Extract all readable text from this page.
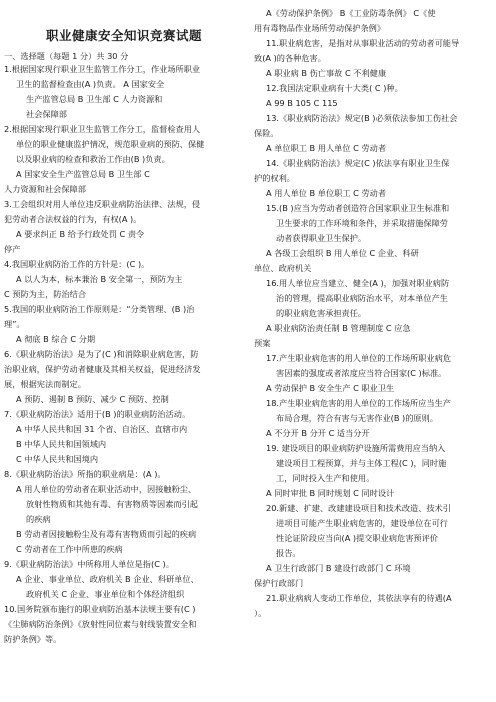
职业健康安全知识竞赛试题
一、选择题（每题 1 分）共 30 分

1.根据国家现行职业卫生监管工作分工，作业场所职业

卫生的监督检查由(A )负责。 A 国家安全

生产监管总局 B 卫生部 C 人力资源和

社会保障部

2.根据国家现行职业卫生监管工作分工，监督检查用人

单位的职业健康监护情况，规范职业病的预防、保健

以及职业病的检查和救治工作由(B )负责。

A 国家安全生产监管总局 B 卫生部 C

人力资源和社会保障部

3.工会组织对用人单位违反职业病防治法律、法规，侵

犯劳动者合法权益的行为，有权(A )。

A 要求纠正 B 给予行政处罚 C 责令

停产

4.我国职业病防治工作的方针是：(C )。

A 以人为本，标本兼治 B 安全第一，预防为主

C 预防为主，防治结合

5.我国的职业病防治工作原则是：“分类管理、(B )治

理”。

A 彻底 B 综合 C 分期

6.《职业病防治法》是为了(C )和消除职业病危害，防

治职业病，保护劳动者健康及其相关权益，促进经济发

展，根据宪法而制定。

A 预防、遏制 B 预防、减少 C 预防、控制

7.《职业病防治法》适用于(B )的职业病防治活动。

A 中华人民共和国 31 个省、自治区、直辖市内

B 中华人民共和国领域内

C 中华人民共和国境内

8.《职业病防治法》所指的职业病是：(A )。

A 用人单位的劳动者在职业活动中，因接触粉尘、

放射性物质和其他有毒、有害物质等因素而引起

的疾病

B 劳动者因接触粉尘及有毒有害物质而引起的疾病

C 劳动者在工作中所患的疾病

9.《职业病防治法》中所称用人单位是指(C )。

A 企业、事业单位、政府机关 B 企业、科研单位、

政府机关 C 企业、事业单位和个体经济组织

10.国务院颁布施行的职业病防治基本法规主要有(C )

《尘肺病防治条例》《放射性同位素与射线装置安全和

防护条例》等。

A《劳动保护条例》 B《工业防毒条例》 C《使

用有毒物品作业场所劳动保护条例》

11.职业病危害，是指对从事职业活动的劳动者可能导

致(A )的各种危害。

A 职业病 B 伤亡事故 C 不利健康

12.我国法定职业病有十大类( C )种。

A 99 B 105 C 115

13.《职业病防治法》规定(B )必须依法参加工伤社会

保险。

A 单位职工 B 用人单位 C 劳动者

14.《职业病防治法》规定(C )依法享有职业卫生保

护的权利。

A 用人单位 B 单位职工 C 劳动者

15.(B )应当为劳动者创造符合国家职业卫生标准和

卫生要求的工作环境和条件，并采取措施保障劳

动者获得职业卫生保护。

A 各级工会组织 B 用人单位 C 企业、科研

单位、政府机关

16.用人单位应当建立、健全(A )，加强对职业病防

治的管理，提高职业病防治水平，对本单位产生

的职业病危害承担责任。

A 职业病防治责任制 B 管理制度 C 应急

预案

17.产生职业病危害的用人单位的工作场所职业病危

害因素的强度或者浓度应当符合国家(C )标准。

A 劳动保护 B 安全生产 C 职业卫生

18.产生职业病危害的用人单位的工作场所应当生产

布局合理，符合有害与无害作业(B )的原则。

A 不分开 B 分开 C 适当分开

19. 建设项目的职业病防护设施所需费用应当纳入

建设项目工程预算，并与主体工程(C )，同时施

工，同时投入生产和使用。

A 同时审批 B 同时规划 C 同时设计

20.新建、扩建、改建建设项目和技术改造、技术引

进项目可能产生职业病危害的，建设单位在可行

性论证阶段应当向(A )提交职业病危害预评价

报告。

A 卫生行政部门 B 建设行政部门 C 环境

保护行政部门

21.职业病病人变动工作单位，其依法享有的待遇(A

）。
